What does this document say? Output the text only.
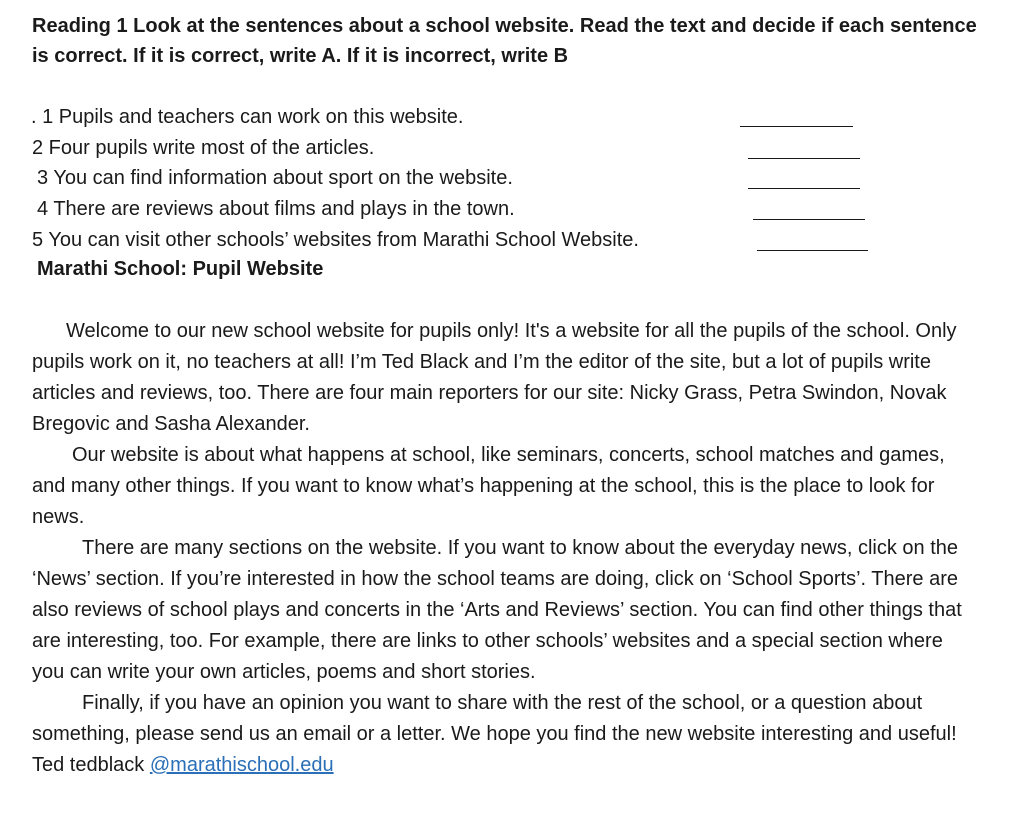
Reading 1 Look at the sentences about a school website. Read the text and decide if each sentence is correct. If it is correct, write A. If it is incorrect, write B

. 1 Pupils and teachers can work on this website.
2 Four pupils write most of the articles.
3 You can find information about sport on the website.
4 There are reviews about films and plays in the town.
5 You can visit other schools’ websites from Marathi School Website.
Marathi School: Pupil Website

Welcome to our new school website for pupils only! It's a website for all the pupils of the school. Only pupils work on it, no teachers at all! I’m Ted Black and I’m the editor of the site, but a lot of pupils write articles and reviews, too. There are four main reporters for our site: Nicky Grass, Petra Swindon, Novak Bregovic and Sasha Alexander.

Our website is about what happens at school, like seminars, concerts, school matches and games, and many other things. If you want to know what’s happening at the school, this is the place to look for news.

There are many sections on the website. If you want to know about the everyday news, click on the ‘News’ section. If you’re interested in how the school teams are doing, click on ‘School Sports’. There are also reviews of school plays and concerts in the ‘Arts and Reviews’ section. You can find other things that are interesting, too. For example, there are links to other schools’ websites and a special section where you can write your own articles, poems and short stories.

Finally, if you have an opinion you want to share with the rest of the school, or a question about something, please send us an email or a letter. We hope you find the new website interesting and useful! Ted tedblack @marathischool.edu
